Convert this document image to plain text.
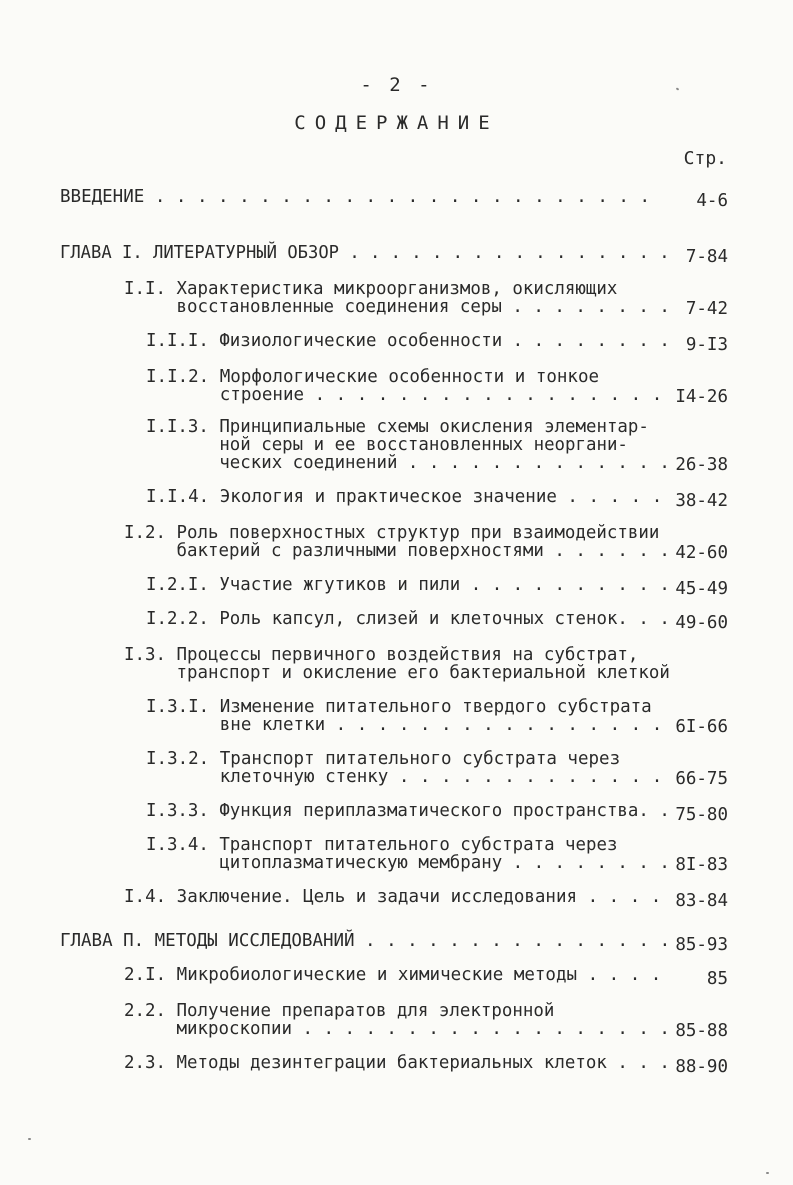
- 2 -
СОДЕРЖАНИЕ
Стр.
ВВЕДЕНИЕ . . . . . . . . . . . . . . . . . . . . . . . .	4-6
ГЛАВА I. ЛИТЕРАТУРНЫЙ ОБЗОР . . . . . . . . . . . . . . . . 7-84
I.I. Характеристика микроорганизмов, окисляющих
восстановленные соединения серы . . . . . . . . 7-42
I.I.I. Физиологические особенности . . . . . . . . 9-I3
I.I.2. Морфологические особенности и тонкое
строение . . . . . . . . . . . . . . . . . I4-26
I.I.3. Принципиальные схемы окисления элементар-
ной серы и ее восстановленных неоргани-
ческих соединений . . . . . . . . . . . . . 26-38
I.I.4. Экология и практическое значение . . . . . 38-42
I.2. Роль поверхностных структур при взаимодействии
бактерий с различными поверхностями . . . . . . 42-60
I.2.I. Участие жгутиков и пили . . . . . . . . . . 45-49
I.2.2. Роль капсул, слизей и клеточных стенок. . . 49-60
I.3. Процессы первичного воздействия на субстрат,
транспорт и окисление его бактериальной клеткой
I.3.I. Изменение питательного твердого субстрата
вне клетки . . . . . . . . . . . . . . . . 6I-66
I.3.2. Транспорт питательного субстрата через
клеточную стенку . . . . . . . . . . . . . 66-75
I.3.3. Функция периплазматического пространства. . 75-80
I.3.4. Транспорт питательного субстрата через
цитоплазматическую мембрану . . . . . . . . 8I-83
I.4. Заключение. Цель и задачи исследования . . . . 83-84
ГЛАВА П. МЕТОДЫ ИССЛЕДОВАНИЙ . . . . . . . . . . . . . . . 85-93
2.I. Микробиологические и химические методы . . . .	85
2.2. Получение препаратов для электронной
микроскопии . . . . . . . . . . . . . . . . . . 85-88
2.3. Методы дезинтеграции бактериальных клеток . . . 88-90
